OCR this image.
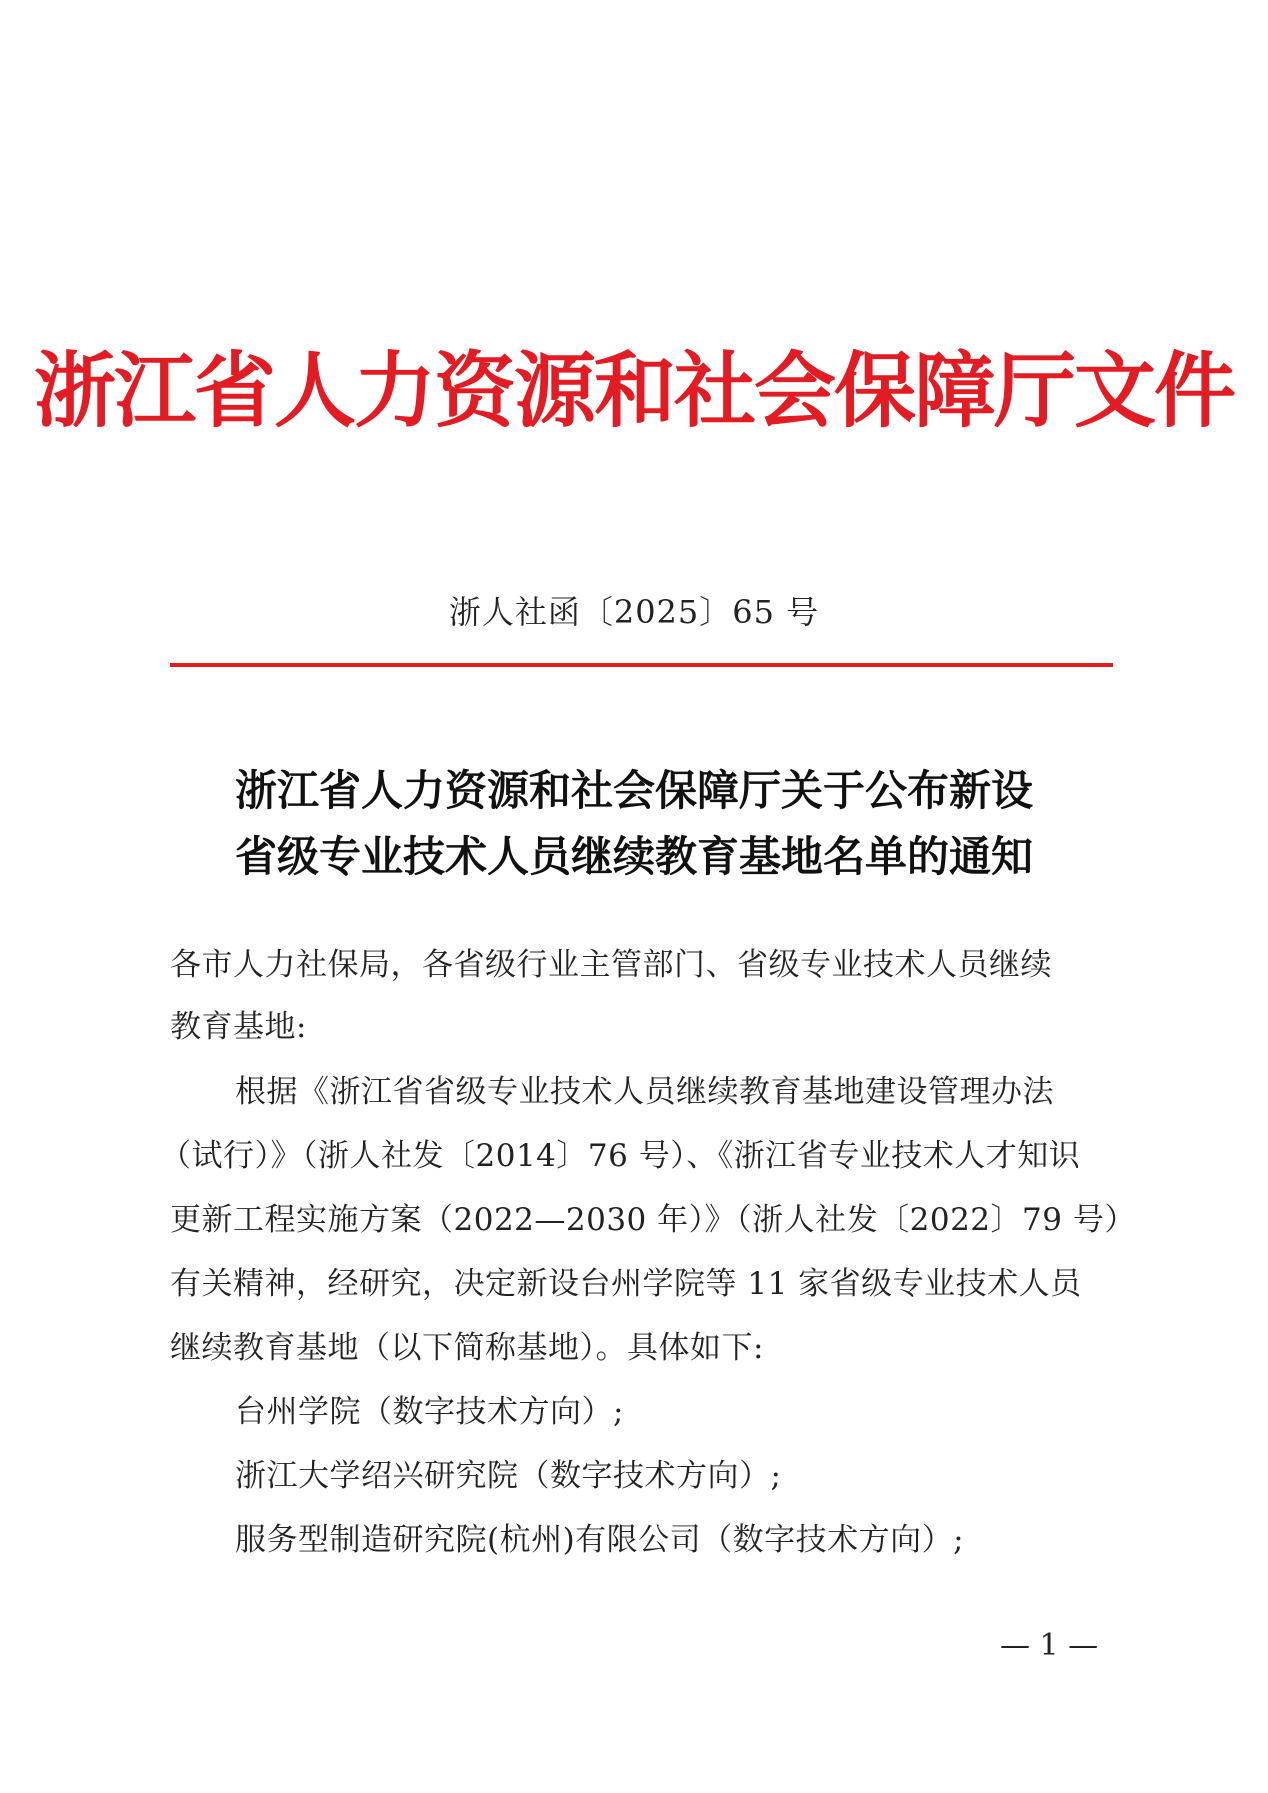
浙江省人力资源和社会保障厅文件
浙人社函〔2025〕65 号
浙江省人力资源和社会保障厅关于公布新设
省级专业技术人员继续教育基地名单的通知
各市人力社保局，各省级行业主管部门、省级专业技术人员继续
教育基地:
根据《浙江省省级专业技术人员继续教育基地建设管理办法
（试行）》（浙人社发〔2014〕76 号）、《浙江省专业技术人才知识
更新工程实施方案（2022—2030 年）》（浙人社发〔2022〕79 号）
有关精神，经研究，决定新设台州学院等 11 家省级专业技术人员
继续教育基地（以下简称基地）。具体如下:
台州学院（数字技术方向）;
浙江大学绍兴研究院（数字技术方向）;
服务型制造研究院(杭州)有限公司（数字技术方向）;
— 1 —
